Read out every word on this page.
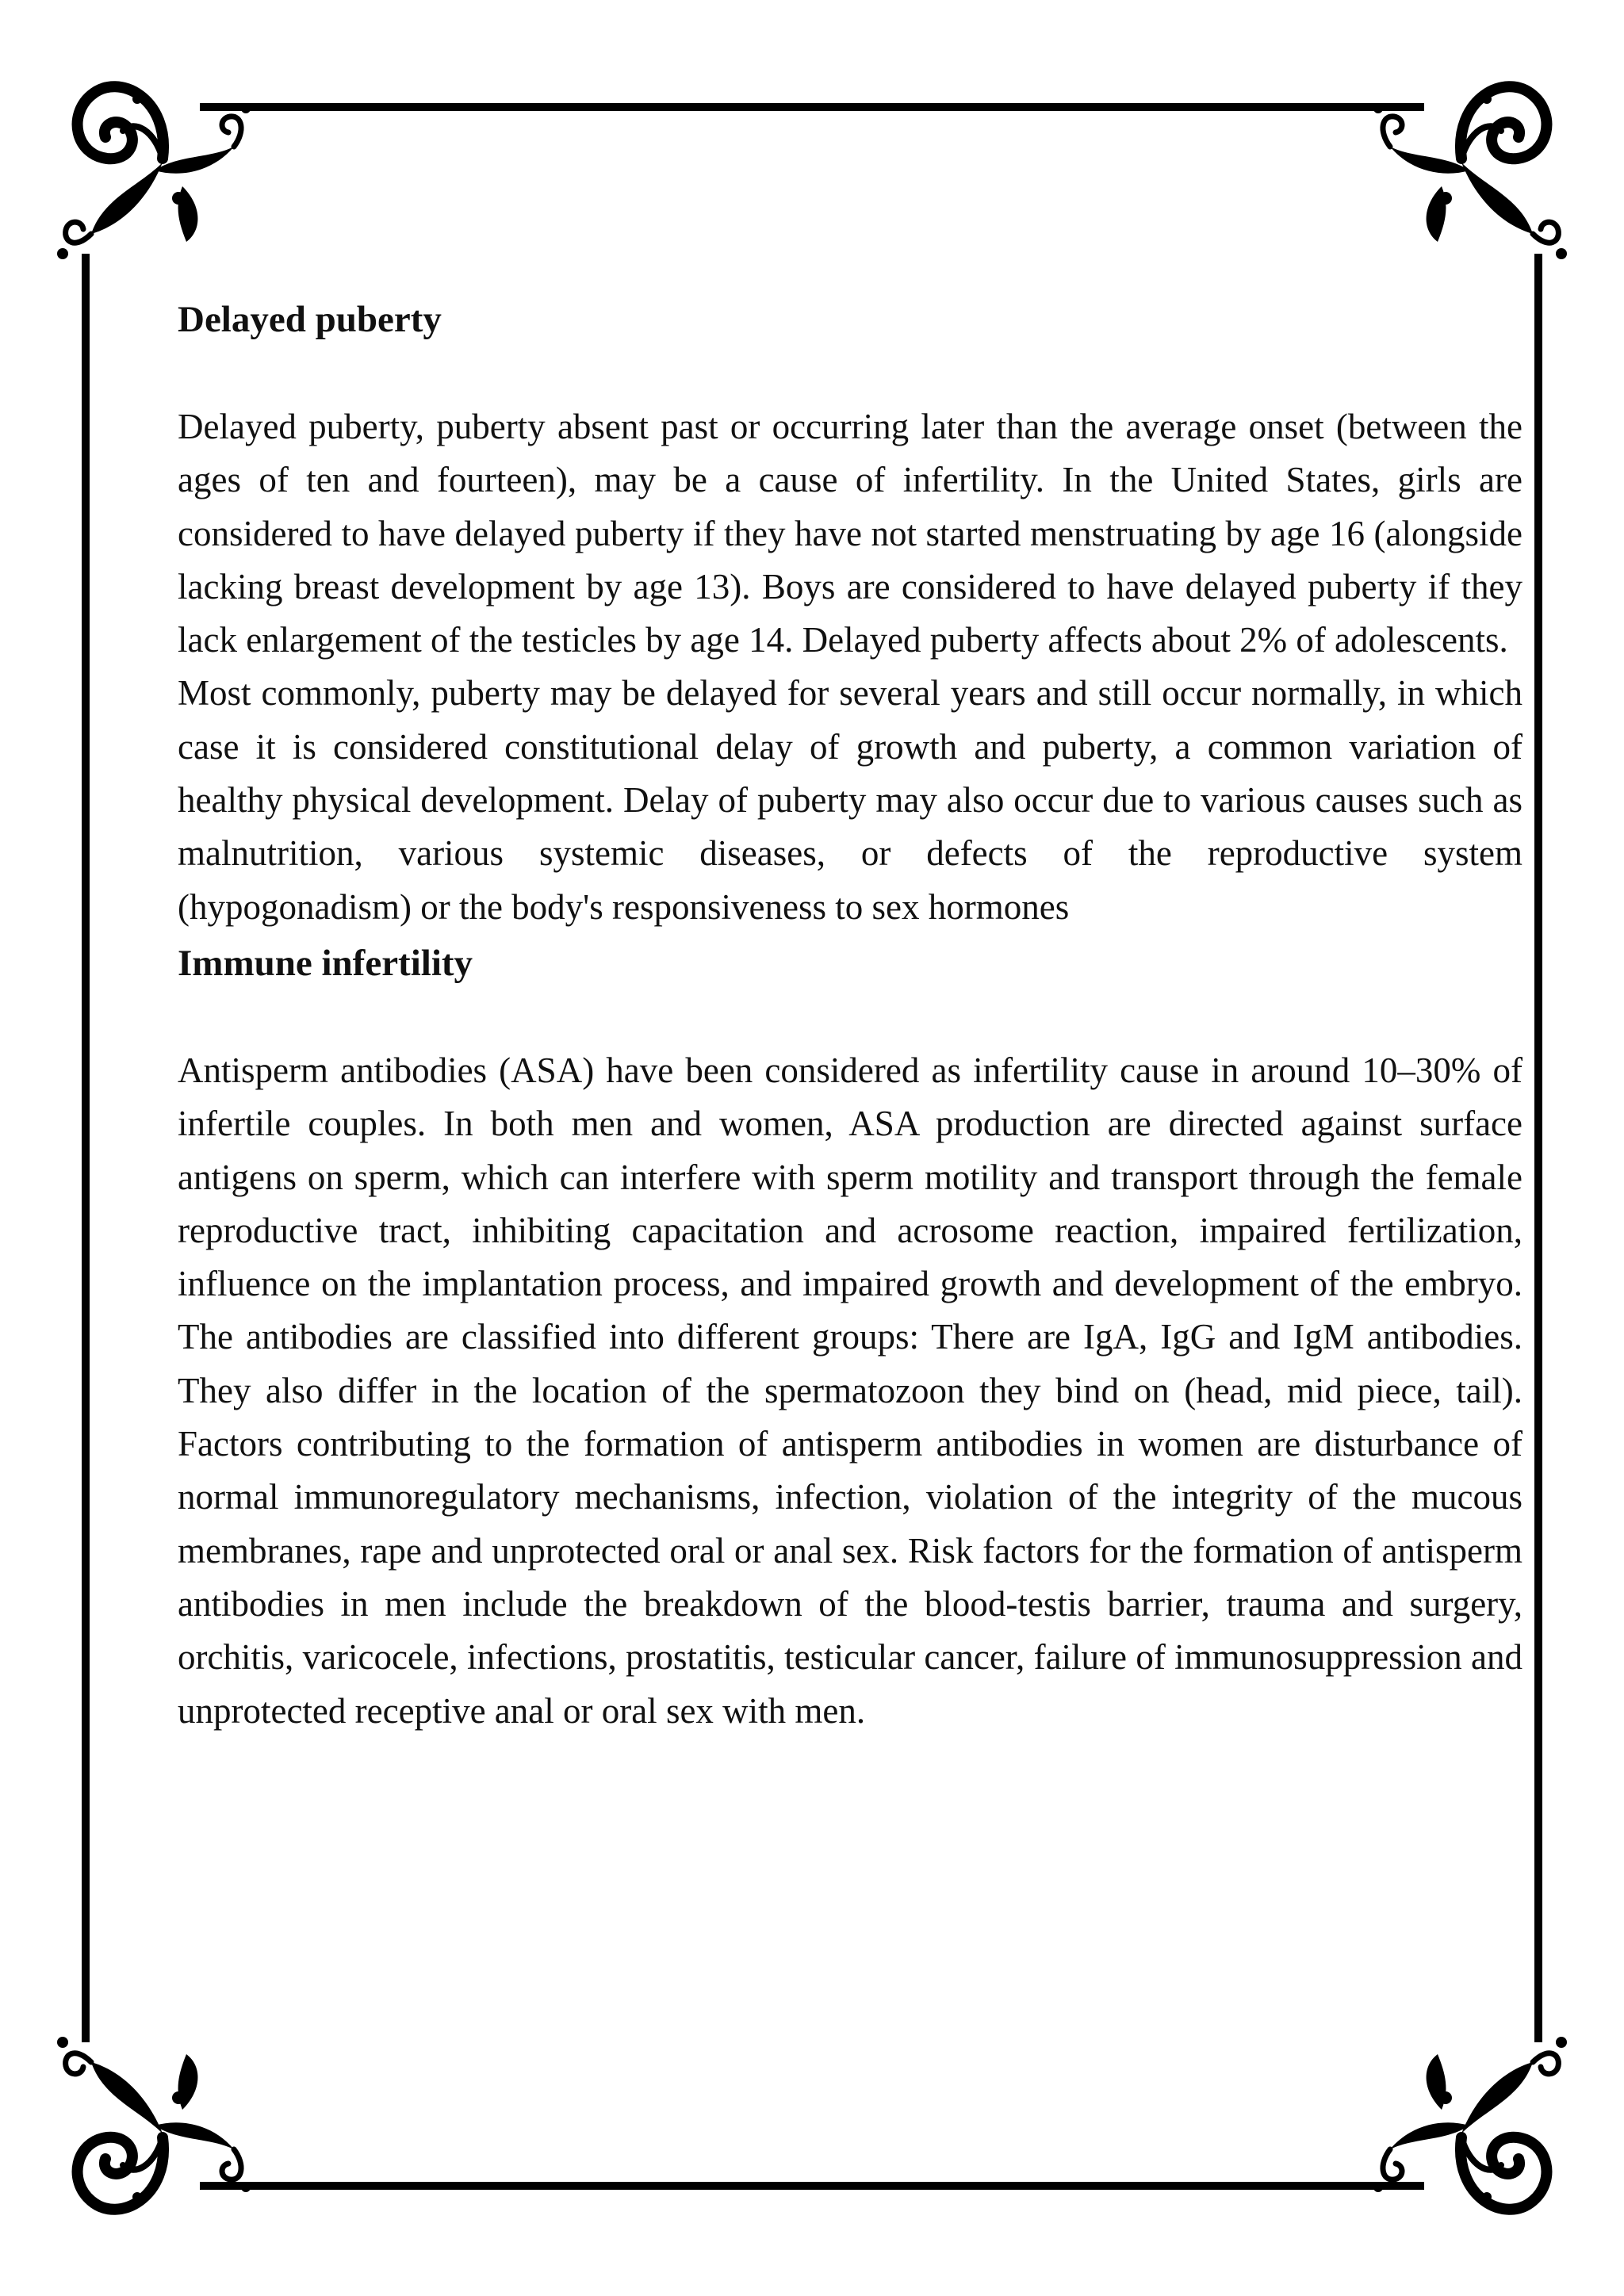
Delayed puberty

Delayed puberty, puberty absent past or occurring later than the average onset (between the ages of ten and fourteen), may be a cause of infertility. In the United States, girls are considered to have delayed puberty if they have not started menstruating by age 16 (alongside lacking breast development by age 13). Boys are considered to have delayed puberty if they lack enlargement of the testicles by age 14. Delayed puberty affects about 2% of adolescents.

Most commonly, puberty may be delayed for several years and still occur normally, in which case it is considered constitutional delay of growth and puberty, a common variation of healthy physical development. Delay of puberty may also occur due to various causes such as malnutrition, various systemic diseases, or defects of the reproductive system (hypogonadism) or the body's responsiveness to sex hormones

Immune infertility

Antisperm antibodies (ASA) have been considered as infertility cause in around 10–30% of infertile couples. In both men and women, ASA production are directed against surface antigens on sperm, which can interfere with sperm motility and transport through the female reproductive tract, inhibiting capacitation and acrosome reaction, impaired fertilization, influence on the implantation process, and impaired growth and development of the embryo. The antibodies are classified into different groups: There are IgA, IgG and IgM antibodies. They also differ in the location of the spermatozoon they bind on (head, mid piece, tail). Factors contributing to the formation of antisperm antibodies in women are disturbance of normal immunoregulatory mechanisms, infection, violation of the integrity of the mucous membranes, rape and unprotected oral or anal sex. Risk factors for the formation of antisperm antibodies in men include the breakdown of the blood-testis barrier, trauma and surgery, orchitis, varicocele, infections, prostatitis, testicular cancer, failure of immunosuppression and unprotected receptive anal or oral sex with men.
